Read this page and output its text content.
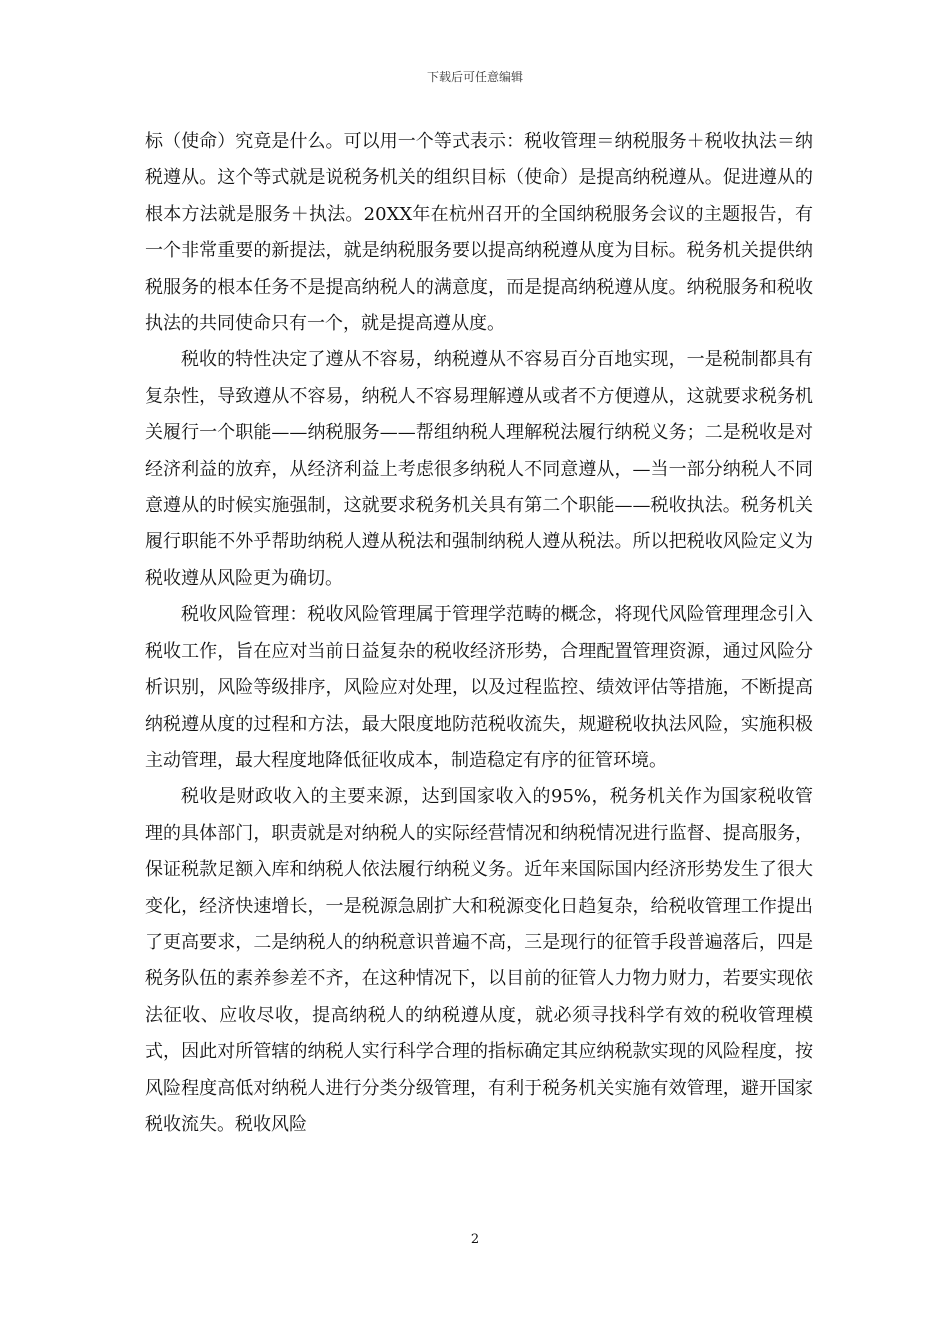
下载后可任意编辑

标（使命）究竟是什么。可以用一个等式表示：税收管理＝纳税服务＋税收执法＝纳税遵从。这个等式就是说税务机关的组织目标（使命）是提高纳税遵从。促进遵从的根本方法就是服务＋执法。20XX年在杭州召开的全国纳税服务会议的主题报告，有一个非常重要的新提法，就是纳税服务要以提高纳税遵从度为目标。税务机关提供纳税服务的根本任务不是提高纳税人的满意度，而是提高纳税遵从度。纳税服务和税收执法的共同使命只有一个，就是提高遵从度。

税收的特性决定了遵从不容易，纳税遵从不容易百分百地实现，一是税制都具有复杂性，导致遵从不容易，纳税人不容易理解遵从或者不方便遵从，这就要求税务机关履行一个职能——纳税服务——帮组纳税人理解税法履行纳税义务；二是税收是对经济利益的放弃，从经济利益上考虑很多纳税人不同意遵从，—当一部分纳税人不同意遵从的时候实施强制，这就要求税务机关具有第二个职能——税收执法。税务机关履行职能不外乎帮助纳税人遵从税法和强制纳税人遵从税法。所以把税收风险定义为税收遵从风险更为确切。

税收风险管理：税收风险管理属于管理学范畴的概念，将现代风险管理理念引入税收工作，旨在应对当前日益复杂的税收经济形势，合理配置管理资源，通过风险分析识别，风险等级排序，风险应对处理，以及过程监控、绩效评估等措施，不断提高纳税遵从度的过程和方法，最大限度地防范税收流失，规避税收执法风险，实施积极主动管理，最大程度地降低征收成本，制造稳定有序的征管环境。

税收是财政收入的主要来源，达到国家收入的95%，税务机关作为国家税收管理的具体部门，职责就是对纳税人的实际经营情况和纳税情况进行监督、提高服务，保证税款足额入库和纳税人依法履行纳税义务。近年来国际国内经济形势发生了很大变化，经济快速增长，一是税源急剧扩大和税源变化日趋复杂，给税收管理工作提出了更高要求，二是纳税人的纳税意识普遍不高，三是现行的征管手段普遍落后，四是税务队伍的素养参差不齐，在这种情况下，以目前的征管人力物力财力，若要实现依法征收、应收尽收，提高纳税人的纳税遵从度，就必须寻找科学有效的税收管理模式，因此对所管辖的纳税人实行科学合理的指标确定其应纳税款实现的风险程度，按风险程度高低对纳税人进行分类分级管理，有利于税务机关实施有效管理，避开国家税收流失。税收风险

2
